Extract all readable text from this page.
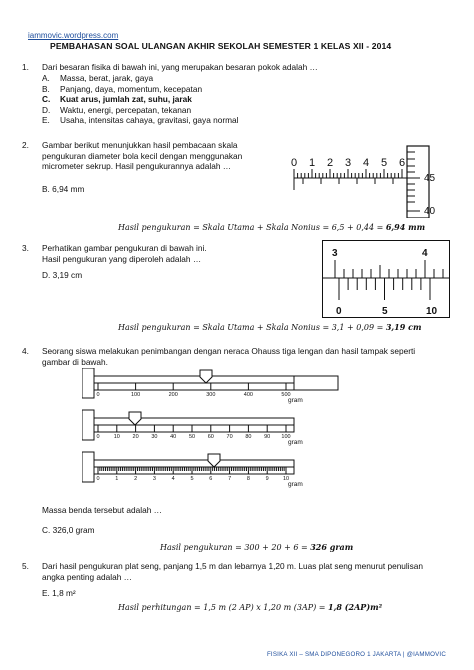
iammovic.wordpress.com
PEMBAHASAN SOAL ULANGAN AKHIR SEKOLAH SEMESTER 1 KELAS XII - 2014
1. Dari besaran fisika di bawah ini, yang merupakan besaran pokok adalah …
A. Massa, berat, jarak, gaya
B. Panjang, daya, momentum, kecepatan
C. Kuat arus, jumlah zat, suhu, jarak
D. Waktu, energi, percepatan, tekanan
E. Usaha, intensitas cahaya, gravitasi, gaya normal
2. Gambar berikut menunjukkan hasil pembacaan skala
pengukuran diameter bola kecil dengan menggunakan
micrometer sekrup. Hasil pengukurannya adalah …
B. 6,94 mm
0 1 2 3 4 5 6
45
40
Hasil pengukuran = Skala Utama + Skala Nonius = 6,5 + 0,44 = 6,94 mm
3. Perhatikan gambar pengukuran di bawah ini.
Hasil pengukuran yang diperoleh adalah …
D. 3,19 cm
3	4
0	5	10
Hasil pengukuran = Skala Utama + Skala Nonius = 3,1 + 0,09 = 3,19 cm
4. Seorang siswa melakukan penimbangan dengan neraca Ohauss tiga lengan dan hasil tampak seperti
gambar di bawah.
0	100	200	300	400	500
gram
0	10 20 30 40 50 60 70 80 90 100
gram
0	1	2	3	4	5	6	7	8	9	10
gram
Massa benda tersebut adalah …
C. 326,0 gram
Hasil pengukuran = 300 + 20 + 6 = 326 gram
5. Dari hasil pengukuran plat seng, panjang 1,5 m dan lebarnya 1,20 m. Luas plat seng menurut penulisan
angka penting adalah …
E. 1,8 m²
Hasil perhitungan = 1,5 m (2 AP) x 1,20 m (3AP) = 1,8 (2AP)m²
FISIKA XII – SMA DIPONEGORO 1 JAKARTA | @IAMMOVIC
